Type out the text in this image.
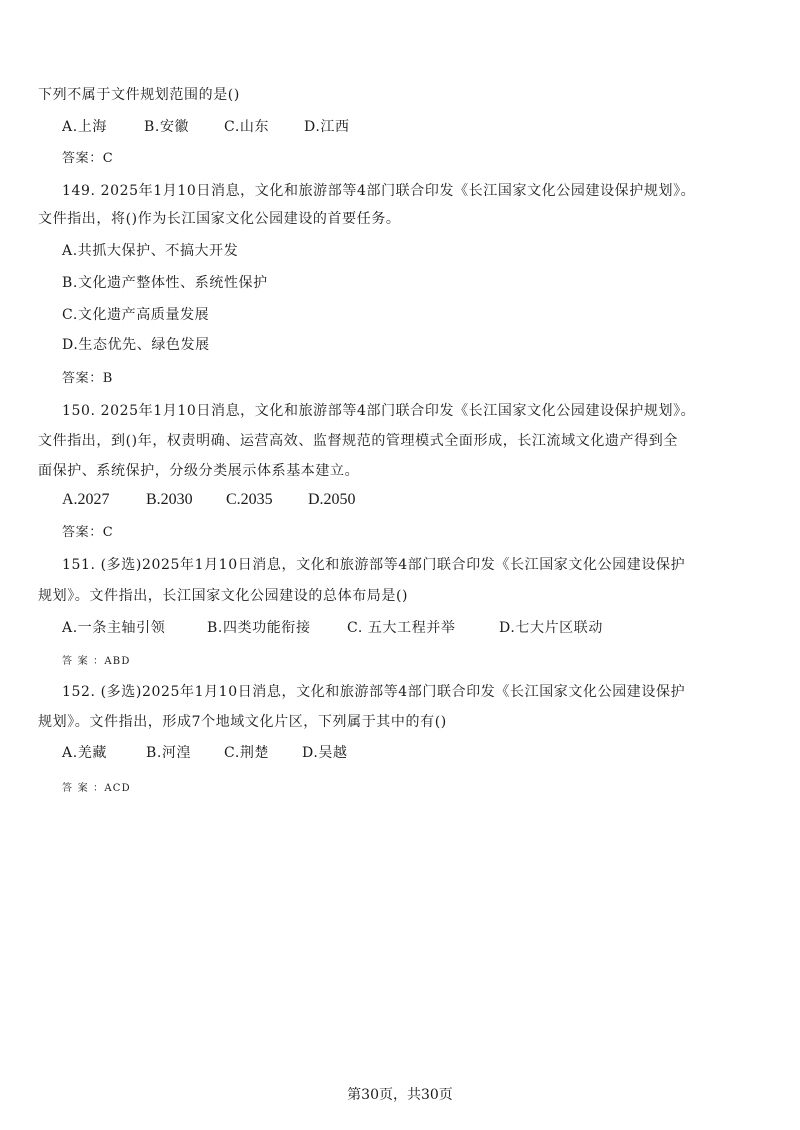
下列不属于文件规划范围的是()
A.上海	B.安徽 C.山东 D.江西
答案：C
149. 2025年1月10日消息，文化和旅游部等4部门联合印发《长江国家文化公园建设保护规划》。
文件指出，将()作为长江国家文化公园建设的首要任务。
A.共抓大保护、不搞大开发
B.文化遗产整体性、系统性保护
C.文化遗产高质量发展
D.生态优先、绿色发展
答案：B
150. 2025年1月10日消息，文化和旅游部等4部门联合印发《长江国家文化公园建设保护规划》。
文件指出，到()年，权责明确、运营高效、监督规范的管理模式全面形成，长江流域文化遗产得到全
面保护、系统保护，分级分类展示体系基本建立。
A.2027 B.2030 C.2035 D.2050
答案：C
151. (多选)2025年1月10日消息，文化和旅游部等4部门联合印发《长江国家文化公园建设保护
规划》。文件指出，长江国家文化公园建设的总体布局是()
A.一条主轴引领	B.四类功能衔接	C. 五大工程并举	D.七大片区联动
答 案 ：ABD
152. (多选)2025年1月10日消息，文化和旅游部等4部门联合印发《长江国家文化公园建设保护
规划》。文件指出，形成7个地域文化片区，下列属于其中的有()
A.羌藏	B.河湟 C.荆楚 D.吴越
答 案 ：ACD
第30页，共30页
